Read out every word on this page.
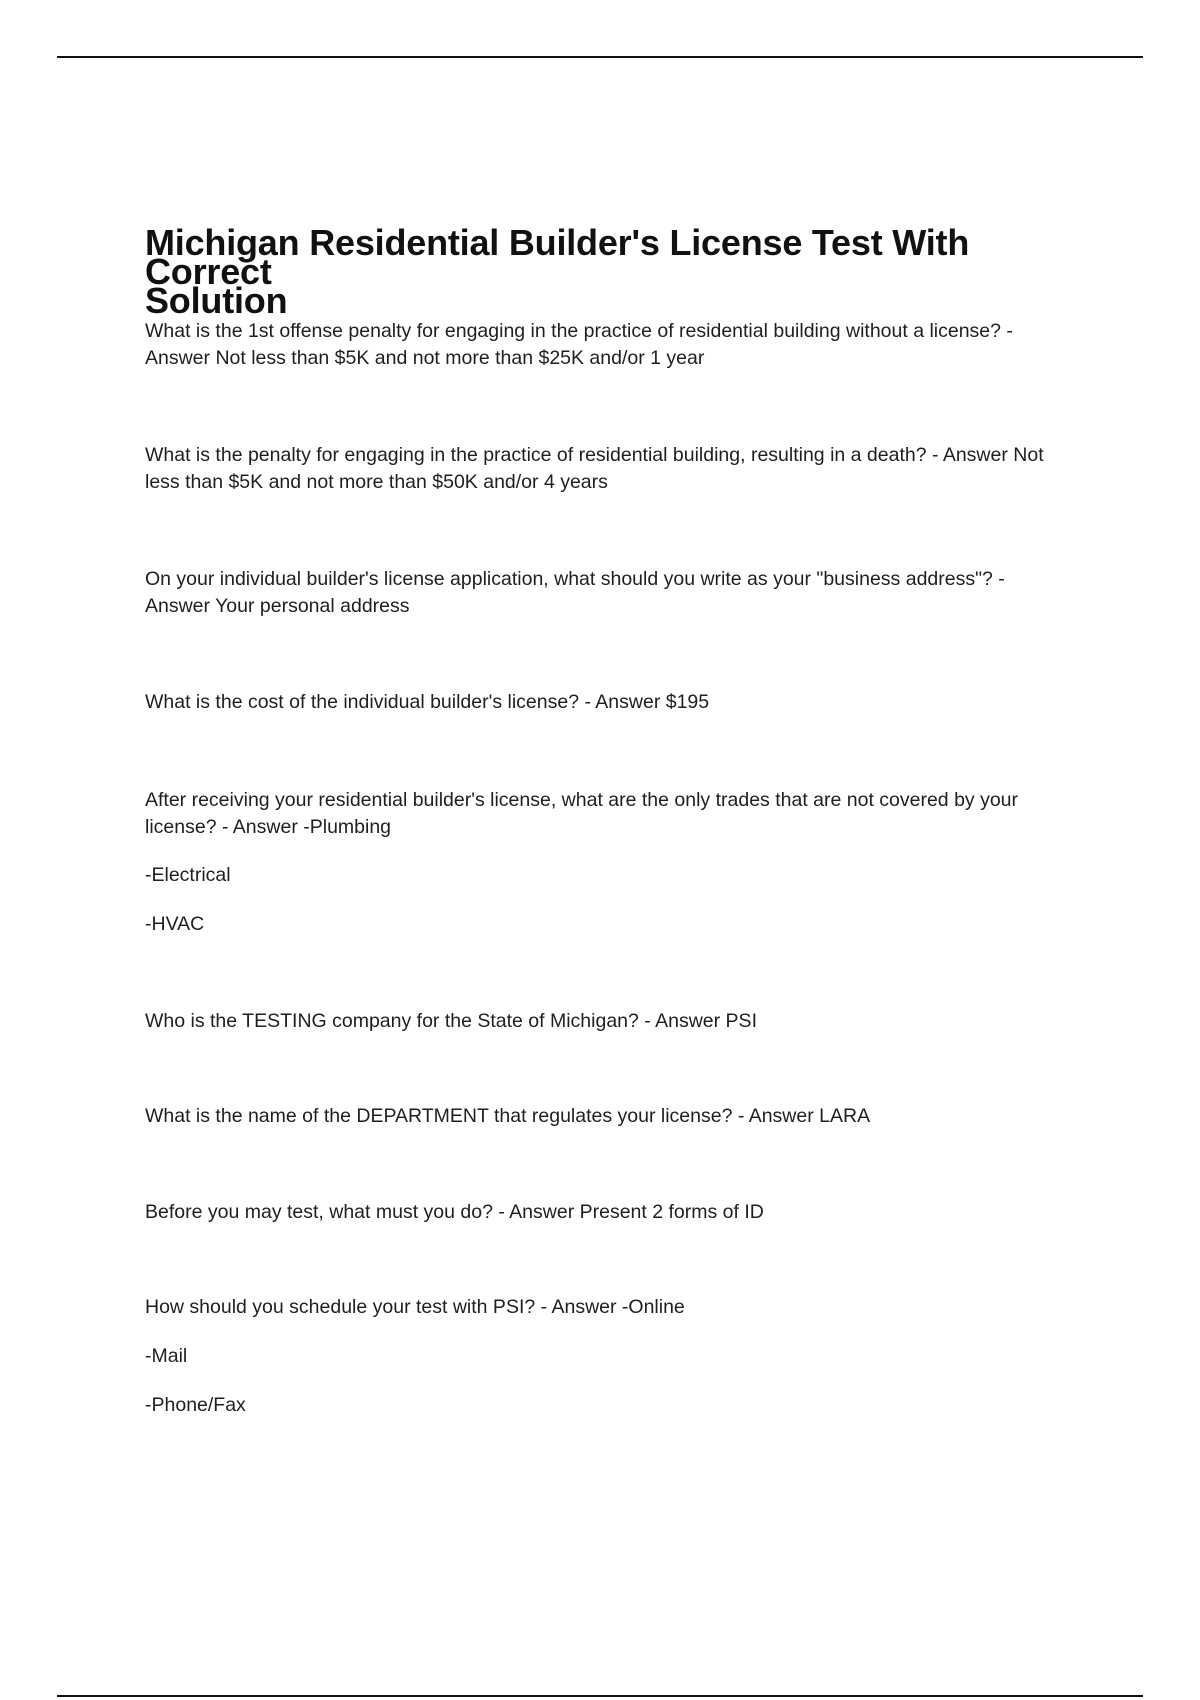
Michigan Residential Builder's License Test With Correct
Solution
What is the 1st offense penalty for engaging in the practice of residential building without a license? -
Answer Not less than $5K and not more than $25K and/or 1 year
What is the penalty for engaging in the practice of residential building, resulting in a death? - Answer Not
less than $5K and not more than $50K and/or 4 years
On your individual builder's license application, what should you write as your "business address"? -
Answer Your personal address
What is the cost of the individual builder's license? - Answer $195
After receiving your residential builder's license, what are the only trades that are not covered by your
license? - Answer -Plumbing
-Electrical
-HVAC
Who is the TESTING company for the State of Michigan? - Answer PSI
What is the name of the DEPARTMENT that regulates your license? - Answer LARA
Before you may test, what must you do? - Answer Present 2 forms of ID
How should you schedule your test with PSI? - Answer -Online
-Mail
-Phone/Fax
